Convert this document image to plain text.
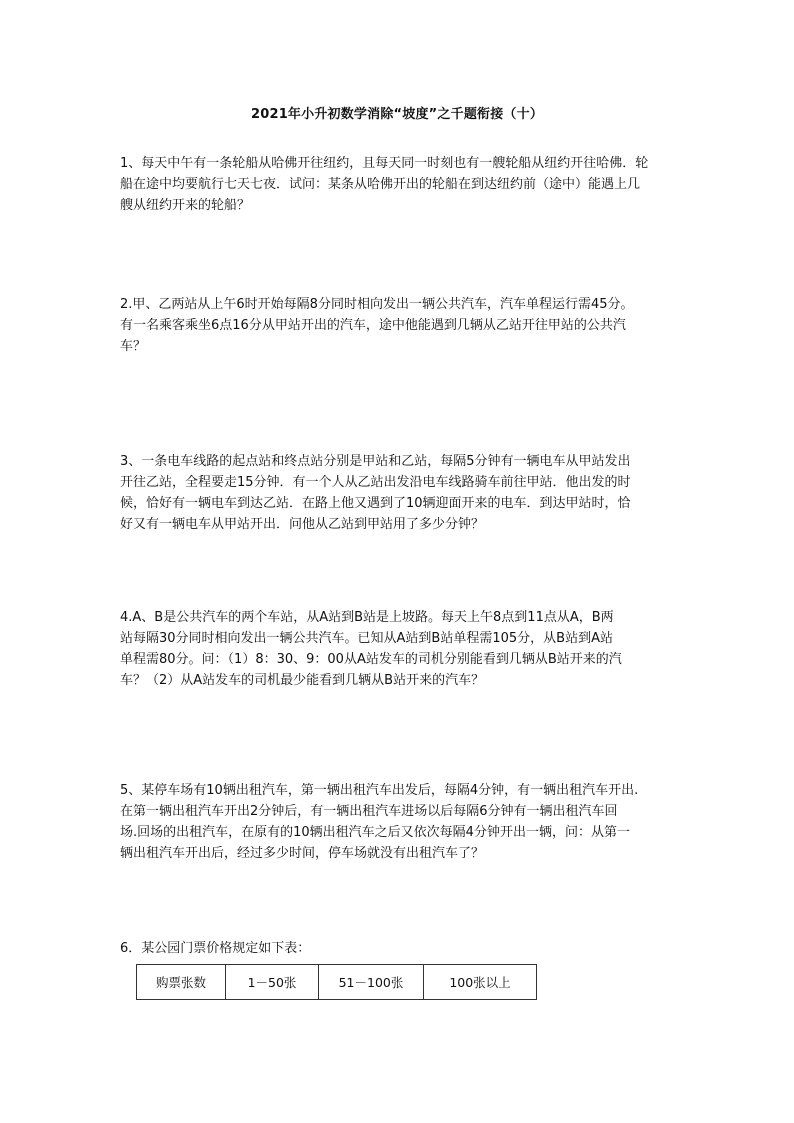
2021年小升初数学消除“坡度”之千题衔接（十）

1、每天中午有一条轮船从哈佛开往纽约，且每天同一时刻也有一艘轮船从纽约开往哈佛．轮

船在途中均要航行七天七夜．试问：某条从哈佛开出的轮船在到达纽约前（途中）能遇上几

艘从纽约开来的轮船？

2.甲、乙两站从上午6时开始每隔8分同时相向发出一辆公共汽车，汽车单程运行需45分。

有一名乘客乘坐6点16分从甲站开出的汽车，途中他能遇到几辆从乙站开往甲站的公共汽

车？

3、一条电车线路的起点站和终点站分别是甲站和乙站，每隔5分钟有一辆电车从甲站发出

开往乙站，全程要走15分钟．有一个人从乙站出发沿电车线路骑车前往甲站．他出发的时

候，恰好有一辆电车到达乙站．在路上他又遇到了10辆迎面开来的电车．到达甲站时，恰

好又有一辆电车从甲站开出．问他从乙站到甲站用了多少分钟？

4.A、B是公共汽车的两个车站，从A站到B站是上坡路。每天上午8点到11点从A，B两

站每隔30分同时相向发出一辆公共汽车。已知从A站到B站单程需105分，从B站到A站

单程需80分。问：（1）8：30、9：00从A站发车的司机分别能看到几辆从B站开来的汽

车？（2）从A站发车的司机最少能看到几辆从B站开来的汽车？

5、某停车场有10辆出租汽车，第一辆出租汽车出发后，每隔4分钟，有一辆出租汽车开出.

在第一辆出租汽车开出2分钟后，有一辆出租汽车进场以后每隔6分钟有一辆出租汽车回

场.回场的出租汽车，在原有的10辆出租汽车之后又依次每隔4分钟开出一辆，问：从第一

辆出租汽车开出后，经过多少时间，停车场就没有出租汽车了？

6．某公园门票价格规定如下表：

购票张数	1－50张	51－100张	100张以上
